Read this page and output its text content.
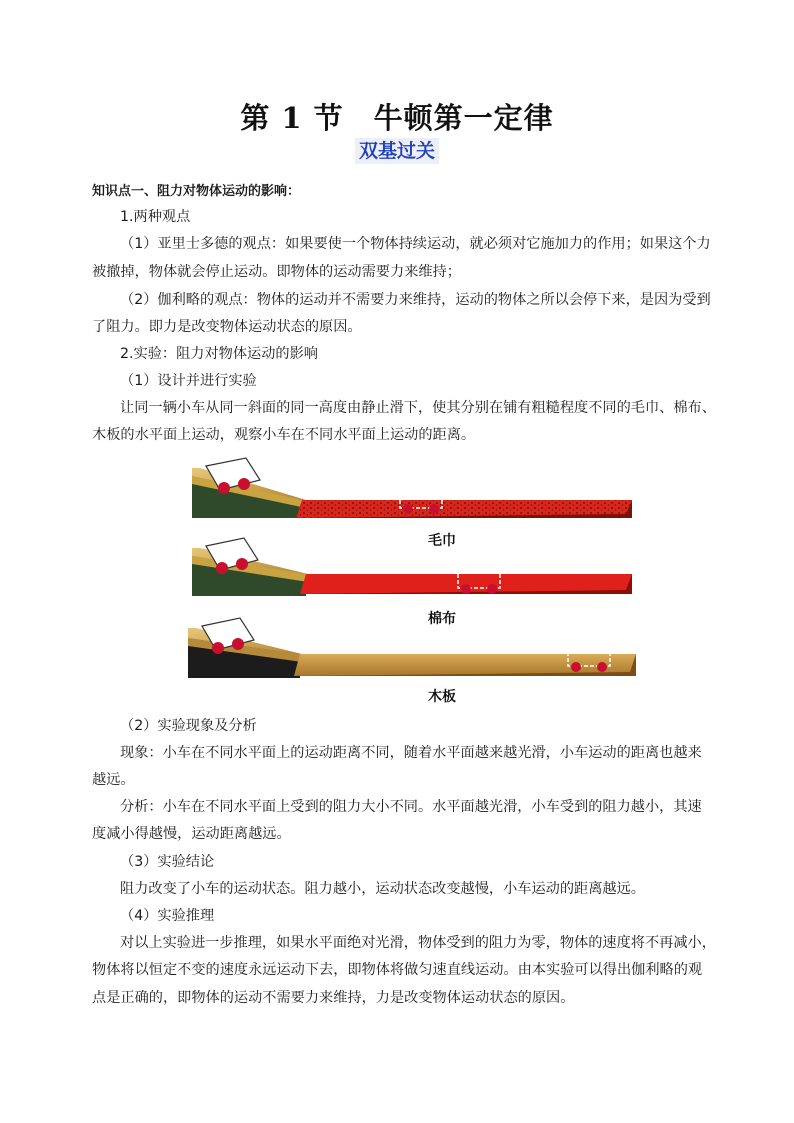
第 1 节　牛顿第一定律
双基过关
知识点一、阻力对物体运动的影响：
1.两种观点
（1）亚里士多德的观点：如果要使一个物体持续运动，就必须对它施加力的作用；如果这个力
被撤掉，物体就会停止运动。即物体的运动需要力来维持；
（2）伽利略的观点：物体的运动并不需要力来维持，运动的物体之所以会停下来，是因为受到
了阻力。即力是改变物体运动状态的原因。
2.实验：阻力对物体运动的影响
（1）设计并进行实验
让同一辆小车从同一斜面的同一高度由静止滑下，使其分别在铺有粗糙程度不同的毛巾、棉布、
木板的水平面上运动，观察小车在不同水平面上运动的距离。
毛巾
棉布
木板
（2）实验现象及分析
现象：小车在不同水平面上的运动距离不同，随着水平面越来越光滑，小车运动的距离也越来
越远。
分析：小车在不同水平面上受到的阻力大小不同。水平面越光滑，小车受到的阻力越小，其速
度减小得越慢，运动距离越远。
（3）实验结论
阻力改变了小车的运动状态。阻力越小，运动状态改变越慢，小车运动的距离越远。
（4）实验推理
对以上实验进一步推理，如果水平面绝对光滑，物体受到的阻力为零，物体的速度将不再减小，
物体将以恒定不变的速度永远运动下去，即物体将做匀速直线运动。由本实验可以得出伽利略的观
点是正确的，即物体的运动不需要力来维持，力是改变物体运动状态的原因。
